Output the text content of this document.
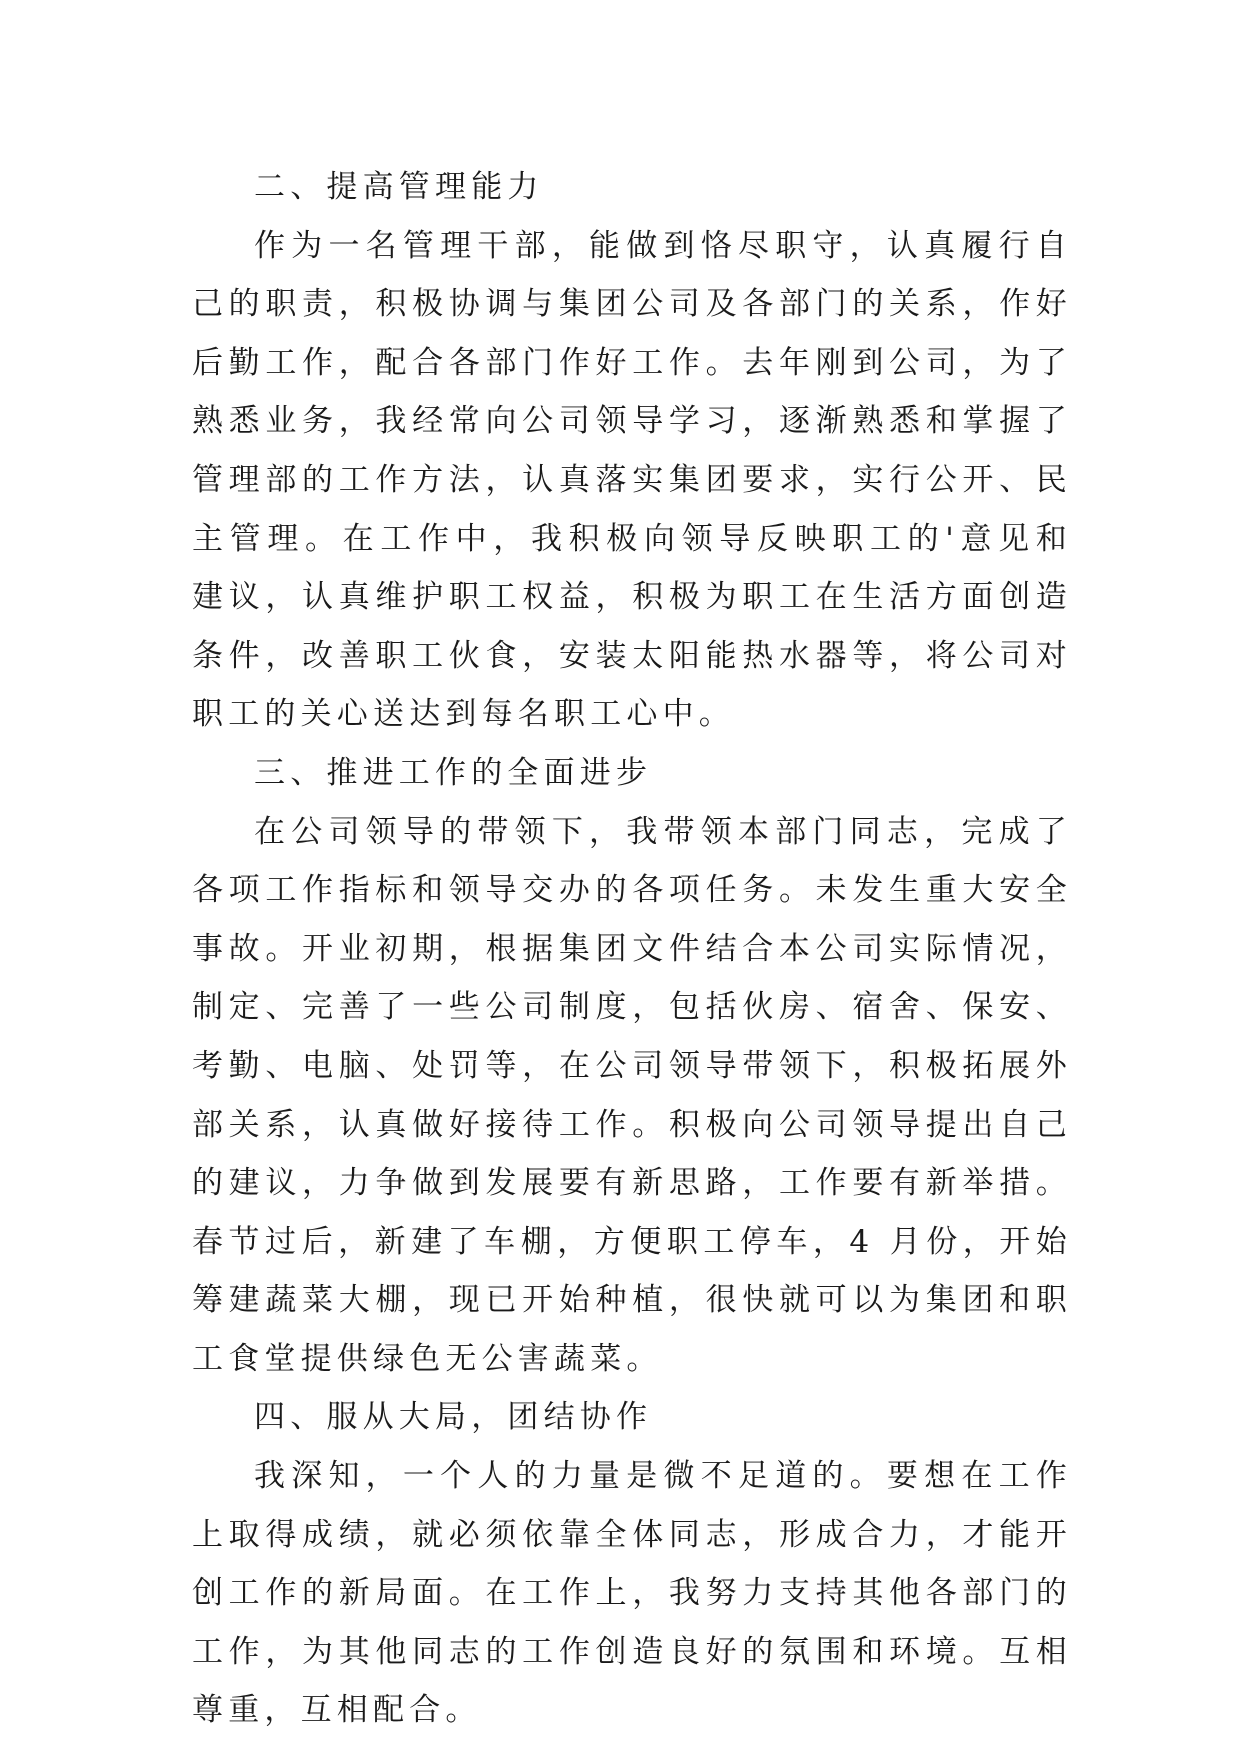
二、提高管理能力

作为一名管理干部，能做到恪尽职守，认真履行自己的职责，积极协调与集团公司及各部门的关系，作好后勤工作，配合各部门作好工作。去年刚到公司，为了熟悉业务，我经常向公司领导学习，逐渐熟悉和掌握了管理部的工作方法，认真落实集团要求，实行公开、民主管理。在工作中，我积极向领导反映职工的'意见和建议，认真维护职工权益，积极为职工在生活方面创造条件，改善职工伙食，安装太阳能热水器等，将公司对职工的关心送达到每名职工心中。

三、推进工作的全面进步

在公司领导的带领下，我带领本部门同志，完成了各项工作指标和领导交办的各项任务。未发生重大安全事故。开业初期，根据集团文件结合本公司实际情况，制定、完善了一些公司制度，包括伙房、宿舍、保安、考勤、电脑、处罚等，在公司领导带领下，积极拓展外部关系，认真做好接待工作。积极向公司领导提出自己的建议，力争做到发展要有新思路，工作要有新举措。春节过后，新建了车棚，方便职工停车，4 月份，开始筹建蔬菜大棚，现已开始种植，很快就可以为集团和职工食堂提供绿色无公害蔬菜。

四、服从大局，团结协作

我深知，一个人的力量是微不足道的。要想在工作上取得成绩，就必须依靠全体同志，形成合力，才能开创工作的新局面。在工作上，我努力支持其他各部门的工作，为其他同志的工作创造良好的氛围和环境。互相尊重，互相配合。
